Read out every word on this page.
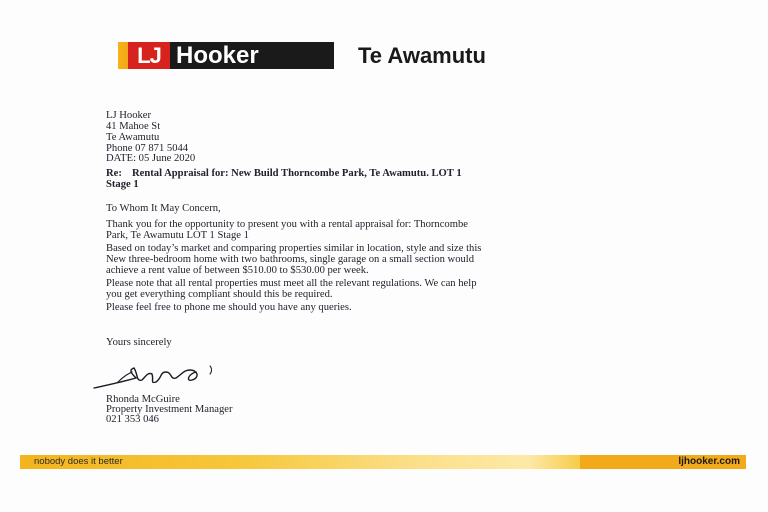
LJ Hooker	Te Awamutu
LJ Hooker
41 Mahoe St
Te Awamutu
Phone 07 871 5044
DATE: 05 June 2020
Re: Rental Appraisal for: New Build Thorncombe Park, Te Awamutu. LOT 1
Stage 1
To Whom It May Concern,
Thank you for the opportunity to present you with a rental appraisal for: Thorncombe
Park, Te Awamutu LOT 1 Stage 1
Based on today’s market and comparing properties similar in location, style and size this
New three-bedroom home with two bathrooms, single garage on a small section would
achieve a rent value of between $510.00 to $530.00 per week.
Please note that all rental properties must meet all the relevant regulations. We can help
you get everything compliant should this be required.
Please feel free to phone me should you have any queries.
Yours sincerely
Rhonda McGuire
Property Investment Manager
021 353 046
nobody does it better	ljhooker.com
